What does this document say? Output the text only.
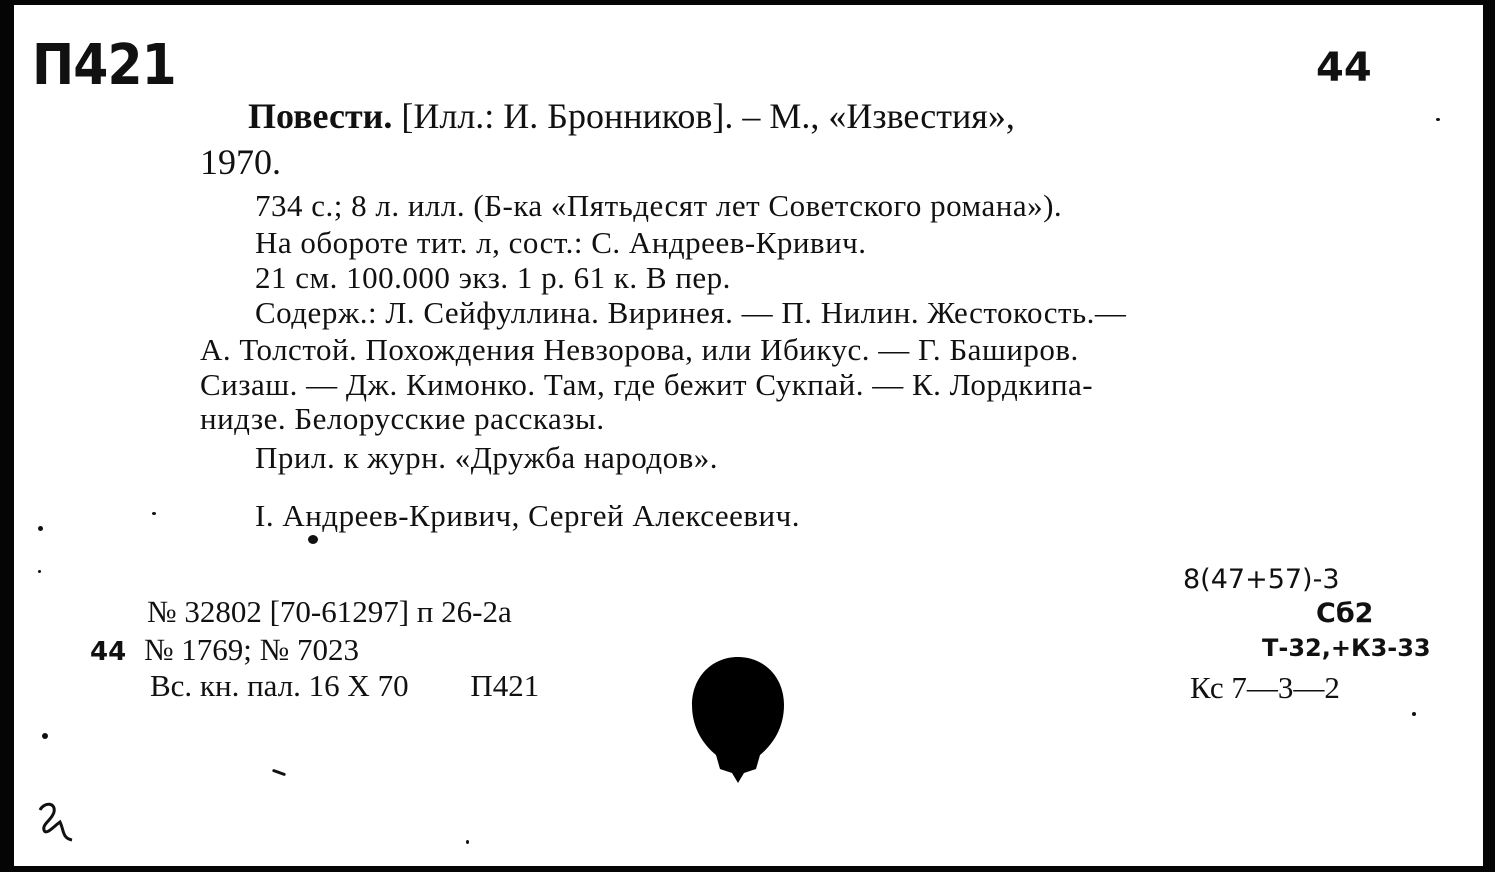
П421	44
Повести. [Илл.: И. Бронников]. ‒ М., «Известия»,
1970.
734 с.; 8 л. илл. (Б-ка «Пятьдесят лет Советского романа»).
На обороте тит. л, сост.: С. Андреев-Кривич.
21 см. 100.000 экз. 1 р. 61 к. В пер.
Содерж.: Л. Сейфуллина. Виринея. — П. Нилин. Жестокость.—
А. Толстой. Похождения Невзорова, или Ибикус. — Г. Баширов.
Сизаш. — Дж. Кимонко. Там, где бежит Сукпай. — К. Лордкипа-
нидзе. Белорусские рассказы.
Прил. к журн. «Дружба народов».
I. Андреев-Кривич, Сергей Алексеевич.
8(47+57)-3
Сб2
Т-32,+К3-33
Кс 7—3—2
№ 32802 [70-61297] п 26-2а
44 № 1769; № 7023
Вс. кн. пал. 16 X 70 П421
